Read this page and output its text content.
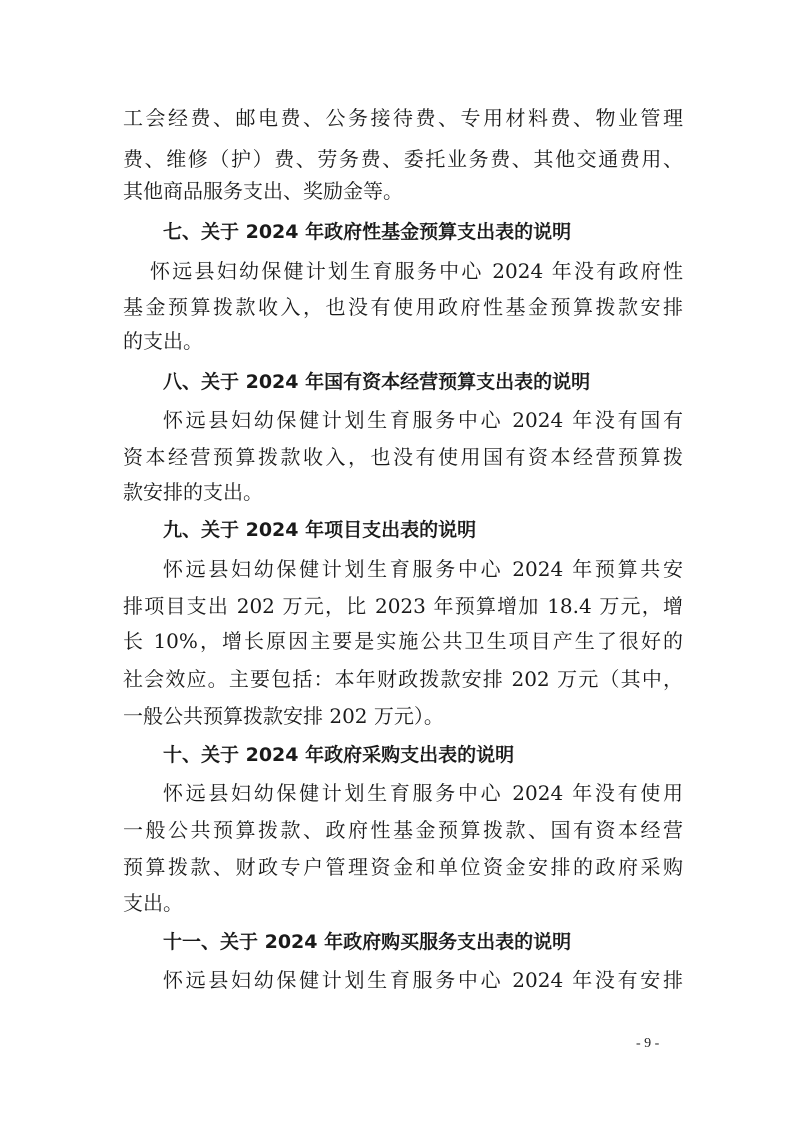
工会经费、邮电费、公务接待费、专用材料费、物业管理
费、维修（护）费、劳务费、委托业务费、其他交通费用、
其他商品服务支出、奖励金等。
七、关于 2024 年政府性基金预算支出表的说明
怀远县妇幼保健计划生育服务中心 2024 年没有政府性
基金预算拨款收入，也没有使用政府性基金预算拨款安排
的支出。
八、关于 2024 年国有资本经营预算支出表的说明
怀远县妇幼保健计划生育服务中心 2024 年没有国有
资本经营预算拨款收入，也没有使用国有资本经营预算拨
款安排的支出。
九、关于 2024 年项目支出表的说明
怀远县妇幼保健计划生育服务中心 2024 年预算共安
排项目支出 202 万元，比 2023 年预算增加 18.4 万元，增
长 10%，增长原因主要是实施公共卫生项目产生了很好的
社会效应。主要包括：本年财政拨款安排 202 万元（其中，
一般公共预算拨款安排 202 万元）。
十、关于 2024 年政府采购支出表的说明
怀远县妇幼保健计划生育服务中心 2024 年没有使用
一般公共预算拨款、政府性基金预算拨款、国有资本经营
预算拨款、财政专户管理资金和单位资金安排的政府采购
支出。
十一、关于 2024 年政府购买服务支出表的说明
怀远县妇幼保健计划生育服务中心 2024 年没有安排
- 9 -
